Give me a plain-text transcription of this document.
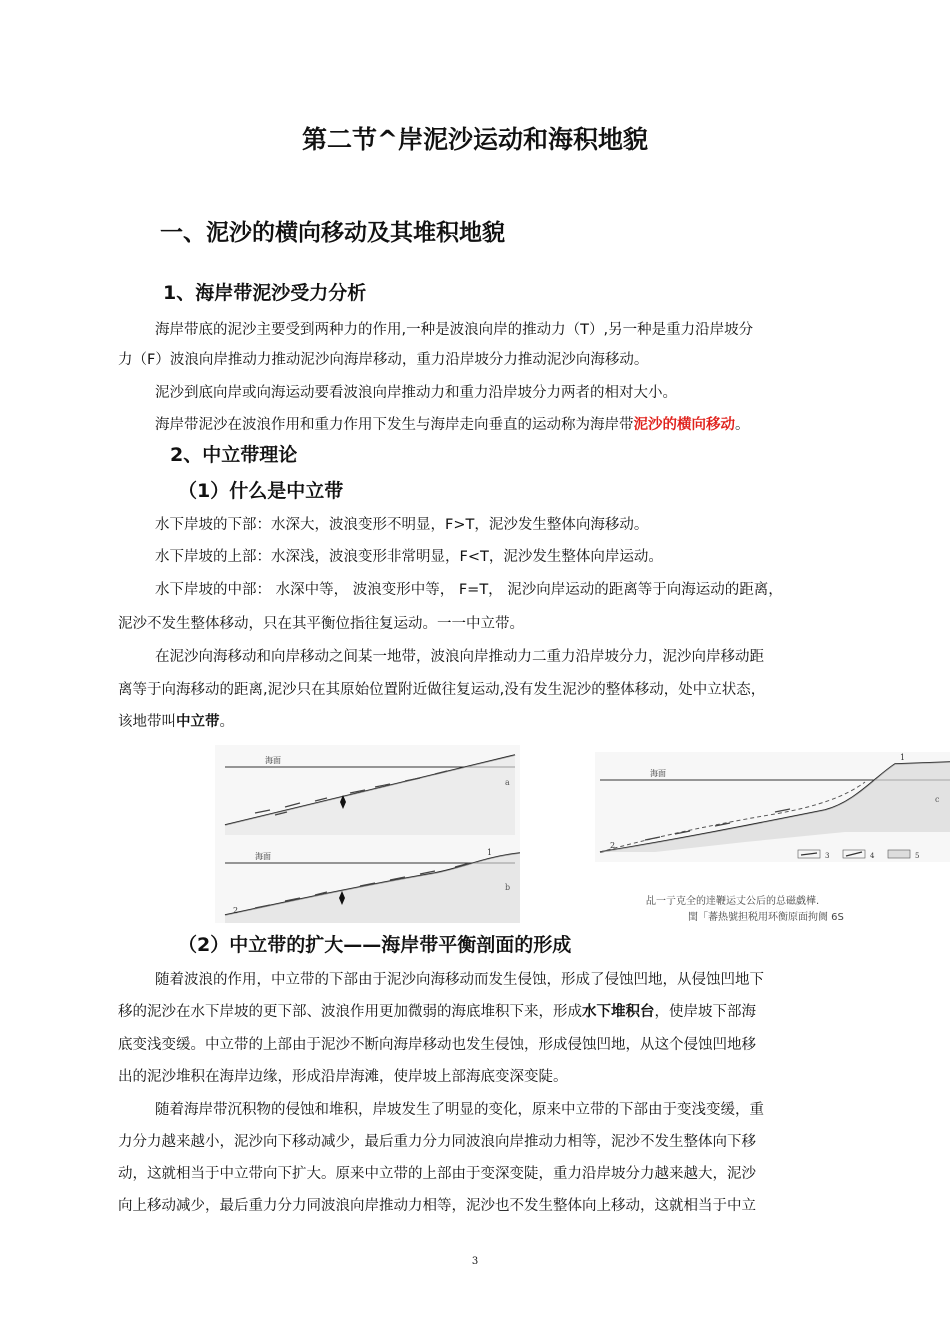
第二节^岸泥沙运动和海积地貌
一、泥沙的横向移动及其堆积地貌
1、海岸带泥沙受力分析
海岸带底的泥沙主要受到两种力的作用,一种是波浪向岸的推动力（T）,另一种是重力沿岸坡分
力（F）波浪向岸推动力推动泥沙向海岸移动，重力沿岸坡分力推动泥沙向海移动。
泥沙到底向岸或向海运动要看波浪向岸推动力和重力沿岸坡分力两者的相对大小。
海岸带泥沙在波浪作用和重力作用下发生与海岸走向垂直的运动称为海岸带泥沙的横向移动。
2、中立带理论
（1）什么是中立带
水下岸坡的下部：水深大，波浪变形不明显，F>T，泥沙发生整体向海移动。
水下岸坡的上部：水深浅，波浪变形非常明显，F<T，泥沙发生整体向岸运动。
水下岸坡的中部： 水深中等， 波浪变形中等， F=T， 泥沙向岸运动的距离等于向海运动的距离，
泥沙不发生整体移动，只在其平衡位指往复运动。一一中立带。
在泥沙向海移动和向岸移动之间某一地带，波浪向岸推动力二重力沿岸坡分力，泥沙向岸移动距
离等于向海移动的距离,泥沙只在其原始位置附近做往复运动,没有发生泥沙的整体移动，处中立状态，
该地带叫中立带。
海面
a
海面	1
2
b
海面
1
2
c
3	4	5
乩一亍克全的逹鞭运丈公后的总磁戯樺.
閨「蕃热號担税用环衡原面拘阓 6S
（2）中立带的扩大——海岸带平衡剖面的形成
随着波浪的作用，中立带的下部由于泥沙向海移动而发生侵蚀，形成了侵蚀凹地，从侵蚀凹地下
移的泥沙在水下岸坡的更下部、波浪作用更加微弱的海底堆积下来，形成水下堆积台，使岸坡下部海
底变浅变缓。中立带的上部由于泥沙不断向海岸移动也发生侵蚀，形成侵蚀凹地，从这个侵蚀凹地移
出的泥沙堆积在海岸边缘，形成沿岸海滩，使岸坡上部海底变深变陡。
随着海岸带沉积物的侵蚀和堆积，岸坡发生了明显的变化，原来中立带的下部由于变浅变缓，重
力分力越来越小，泥沙向下移动减少，最后重力分力同波浪向岸推动力相等，泥沙不发生整体向下移
动，这就相当于中立带向下扩大。原来中立带的上部由于变深变陡，重力沿岸坡分力越来越大，泥沙
向上移动减少，最后重力分力同波浪向岸推动力相等，泥沙也不发生整体向上移动，这就相当于中立
3
